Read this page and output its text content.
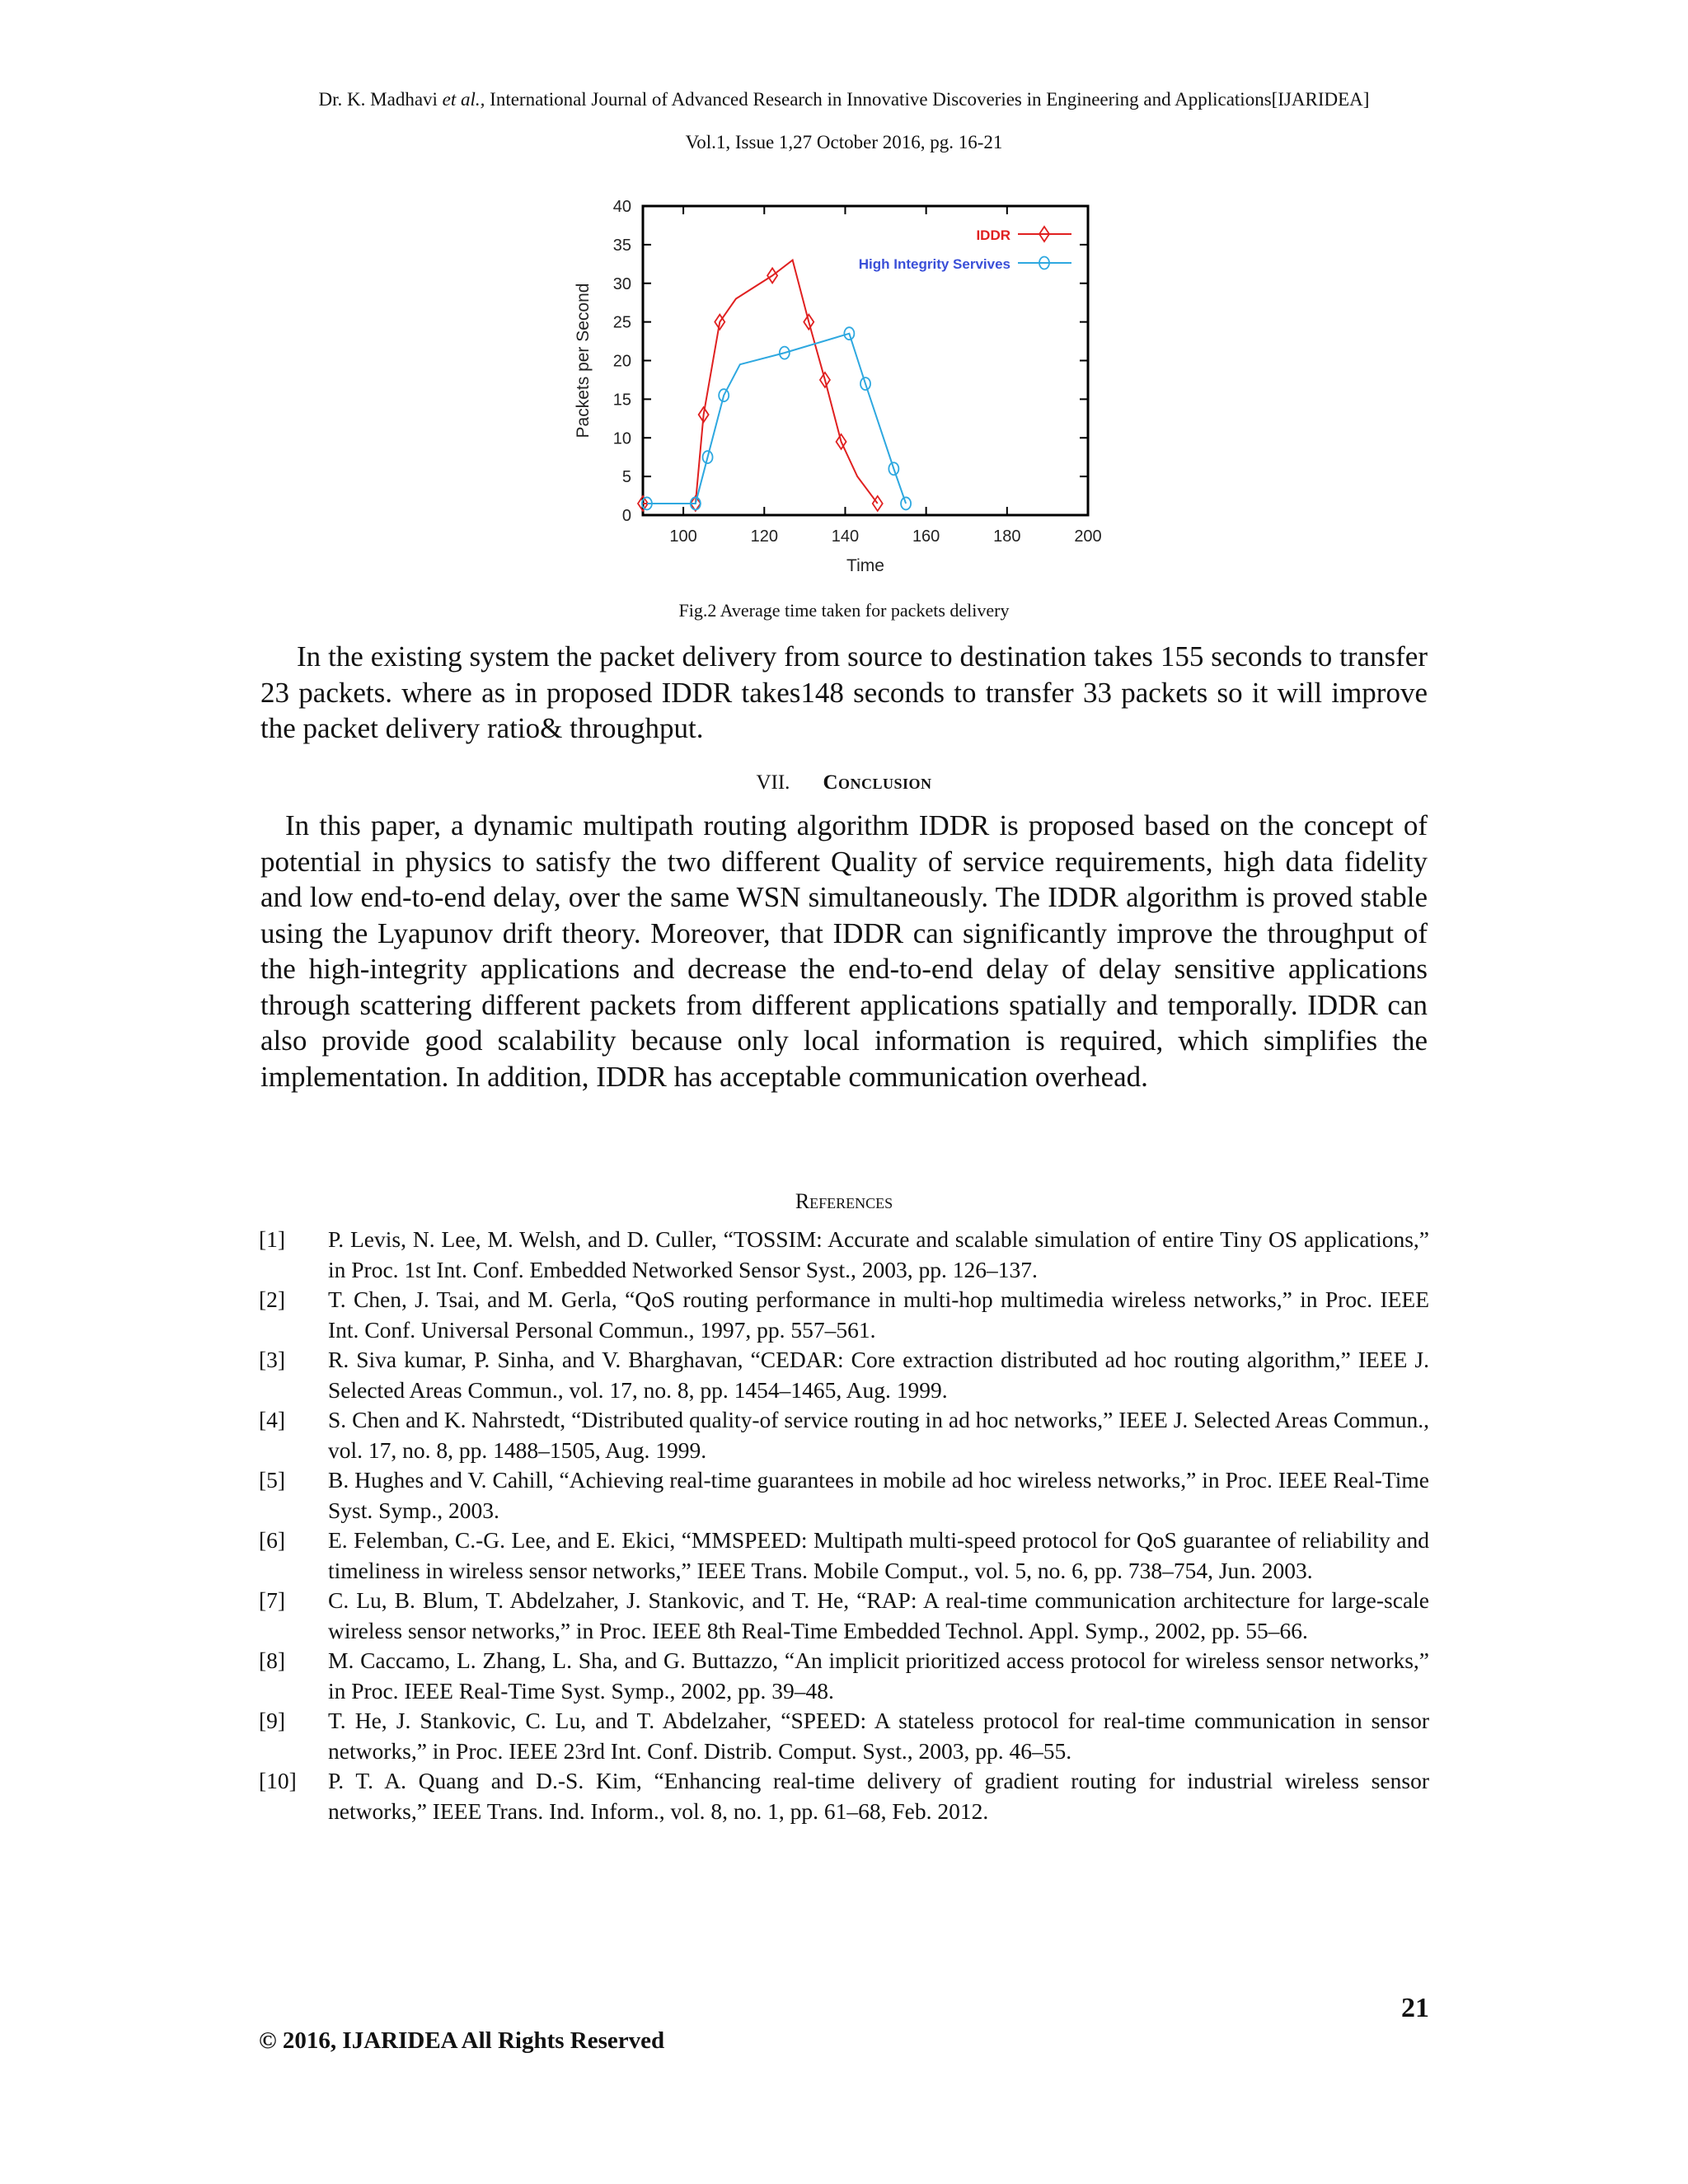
Dr. K. Madhavi et al., International Journal of Advanced Research in Innovative Discoveries in Engineering and Applications[IJARIDEA]
Vol.1, Issue 1,27 October 2016, pg. 16-21
0
5
10
15
20
25
30
35
40
100	120	140	160	180	200
Time
Packets per Second
IDDR
High Integrity Servives
Fig.2 Average time taken for packets delivery

In the existing system the packet delivery from source to destination takes 155 seconds to transfer 23 packets. where as in proposed IDDR takes148 seconds to transfer 33 packets so it will improve the packet delivery ratio& throughput.

VII. Conclusion

In this paper, a dynamic multipath routing algorithm IDDR is proposed based on the concept of potential in physics to satisfy the two different Quality of service requirements, high data fidelity and low end-to-end delay, over the same WSN simultaneously. The IDDR algorithm is proved stable using the Lyapunov drift theory. Moreover, that IDDR can significantly improve the throughput of the high-integrity applications and decrease the end-to-end delay of delay sensitive applications through scattering different packets from different applications spatially and temporally. IDDR can also provide good scalability because only local information is required, which simplifies the implementation. In addition, IDDR has acceptable communication overhead.

References
[1] P. Levis, N. Lee, M. Welsh, and D. Culler, “TOSSIM: Accurate and scalable simulation of entire Tiny OS applications,” in Proc. 1st Int. Conf. Embedded Networked Sensor Syst., 2003, pp. 126–137.
[2] T. Chen, J. Tsai, and M. Gerla, “QoS routing performance in multi-hop multimedia wireless networks,” in Proc. IEEE Int. Conf. Universal Personal Commun., 1997, pp. 557–561.
[3] R. Siva kumar, P. Sinha, and V. Bharghavan, “CEDAR: Core extraction distributed ad hoc routing algorithm,” IEEE J. Selected Areas Commun., vol. 17, no. 8, pp. 1454–1465, Aug. 1999.
[4] S. Chen and K. Nahrstedt, “Distributed quality-of service routing in ad hoc networks,” IEEE J. Selected Areas Commun., vol. 17, no. 8, pp. 1488–1505, Aug. 1999.
[5] B. Hughes and V. Cahill, “Achieving real-time guarantees in mobile ad hoc wireless networks,” in Proc. IEEE Real-Time Syst. Symp., 2003.
[6] E. Felemban, C.-G. Lee, and E. Ekici, “MMSPEED: Multipath multi-speed protocol for QoS guarantee of reliability and timeliness in wireless sensor networks,” IEEE Trans. Mobile Comput., vol. 5, no. 6, pp. 738–754, Jun. 2003.
[7] C. Lu, B. Blum, T. Abdelzaher, J. Stankovic, and T. He, “RAP: A real-time communication architecture for large-scale wireless sensor networks,” in Proc. IEEE 8th Real-Time Embedded Technol. Appl. Symp., 2002, pp. 55–66.
[8] M. Caccamo, L. Zhang, L. Sha, and G. Buttazzo, “An implicit prioritized access protocol for wireless sensor networks,” in Proc. IEEE Real-Time Syst. Symp., 2002, pp. 39–48.
[9] T. He, J. Stankovic, C. Lu, and T. Abdelzaher, “SPEED: A stateless protocol for real-time communication in sensor networks,” in Proc. IEEE 23rd Int. Conf. Distrib. Comput. Syst., 2003, pp. 46–55.
[10] P. T. A. Quang and D.-S. Kim, “Enhancing real-time delivery of gradient routing for industrial wireless sensor networks,” IEEE Trans. Ind. Inform., vol. 8, no. 1, pp. 61–68, Feb. 2012.
21
© 2016, IJARIDEA All Rights Reserved
